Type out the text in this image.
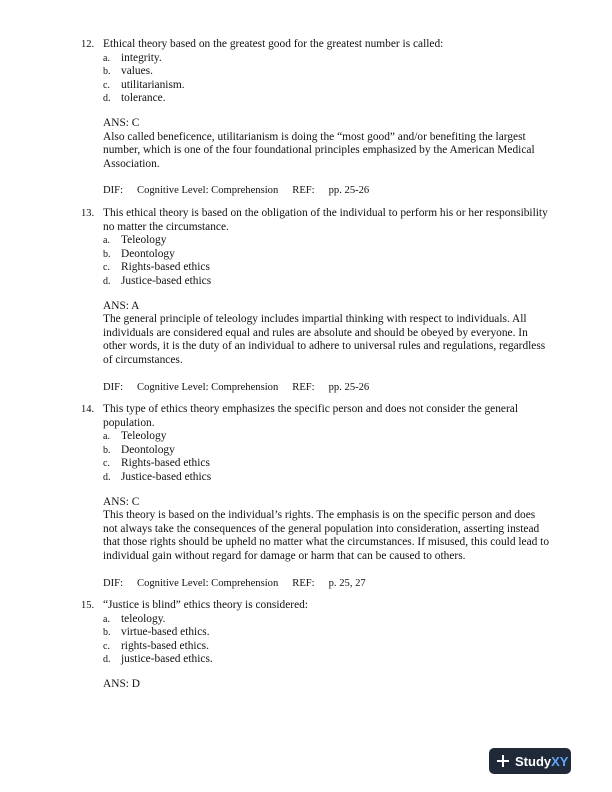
12. Ethical theory based on the greatest good for the greatest number is called:
a. integrity.
b. values.
c. utilitarianism.
d. tolerance.
ANS: C
Also called beneficence, utilitarianism is doing the “most good” and/or benefiting the largest number, which is one of the four foundational principles emphasized by the American Medical Association.
DIF: Cognitive Level: Comprehension REF: pp. 25-26
13. This ethical theory is based on the obligation of the individual to perform his or her responsibility no matter the circumstance.
a. Teleology
b. Deontology
c. Rights-based ethics
d. Justice-based ethics
ANS: A
The general principle of teleology includes impartial thinking with respect to individuals. All individuals are considered equal and rules are absolute and should be obeyed by everyone. In other words, it is the duty of an individual to adhere to universal rules and regulations, regardless of circumstances.
DIF: Cognitive Level: Comprehension REF: pp. 25-26
14. This type of ethics theory emphasizes the specific person and does not consider the general population.
a. Teleology
b. Deontology
c. Rights-based ethics
d. Justice-based ethics
ANS: C
This theory is based on the individual’s rights. The emphasis is on the specific person and does not always take the consequences of the general population into consideration, asserting instead that those rights should be upheld no matter what the circumstances. If misused, this could lead to individual gain without regard for damage or harm that can be caused to others.
DIF: Cognitive Level: Comprehension REF: p. 25, 27
15. “Justice is blind” ethics theory is considered:
a. teleology.
b. virtue-based ethics.
c. rights-based ethics.
d. justice-based ethics.
ANS: D
Study XY
